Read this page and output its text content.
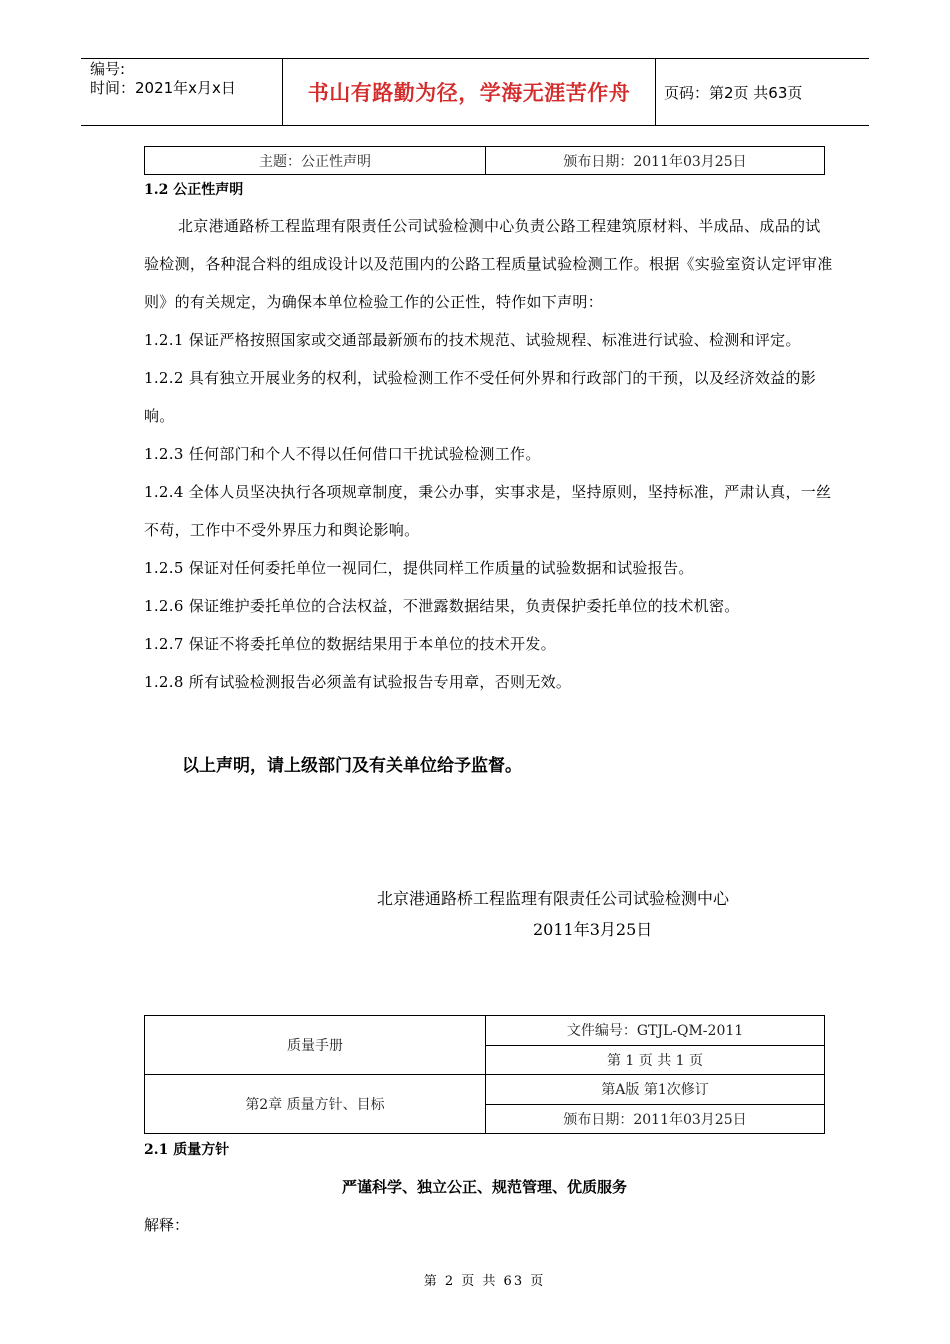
编号:
时间：2021年x月x日	书山有路勤为径，学海无涯苦作舟	页码：第2页 共63页
主题：公正性声明	颁布日期：2011年03月25日
1.2 公正性声明

北京港通路桥工程监理有限责任公司试验检测中心负责公路工程建筑原材料、半成品、成品的试验检测，各种混合料的组成设计以及范围内的公路工程质量试验检测工作。根据《实验室资认定评审准则》的有关规定，为确保本单位检验工作的公正性，特作如下声明：

1.2.1 保证严格按照国家或交通部最新颁布的技术规范、试验规程、标准进行试验、检测和评定。

1.2.2 具有独立开展业务的权利，试验检测工作不受任何外界和行政部门的干预，以及经济效益的影响。

1.2.3 任何部门和个人不得以任何借口干扰试验检测工作。

1.2.4 全体人员坚决执行各项规章制度，秉公办事，实事求是，坚持原则，坚持标准，严肃认真，一丝不苟，工作中不受外界压力和舆论影响。

1.2.5 保证对任何委托单位一视同仁，提供同样工作质量的试验数据和试验报告。

1.2.6 保证维护委托单位的合法权益，不泄露数据结果，负责保护委托单位的技术机密。

1.2.7 保证不将委托单位的数据结果用于本单位的技术开发。

1.2.8 所有试验检测报告必须盖有试验报告专用章，否则无效。

以上声明，请上级部门及有关单位给予监督。
北京港通路桥工程监理有限责任公司试验检测中心
2011年3月25日
质量手册	文件编号：GTJL-QM-2011
	第 1 页 共 1 页
第2章 质量方针、目标	第A版 第1次修订
	颁布日期：2011年03月25日
2.1 质量方针
严谨科学、独立公正、规范管理、优质服务
解释：
第 2 页 共 63 页
